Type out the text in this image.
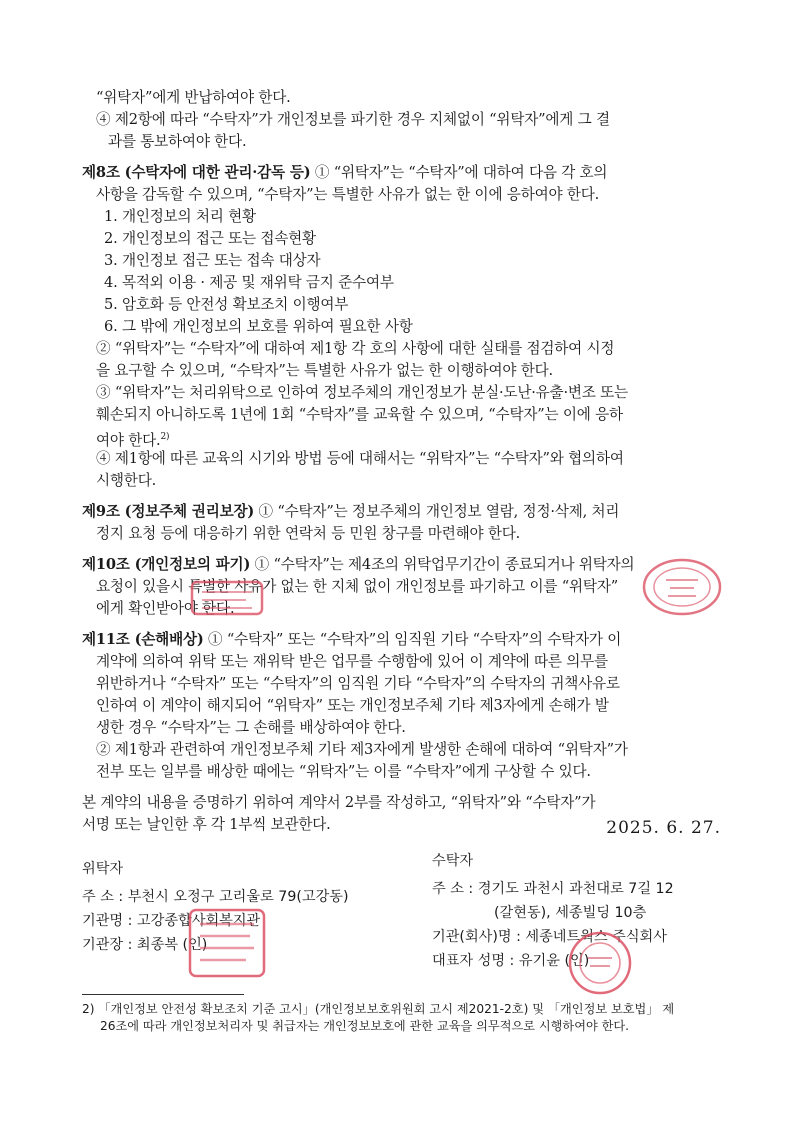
“위탁자”에게 반납하여야 한다.
④ 제2항에 따라 “수탁자”가 개인정보를 파기한 경우 지체없이 “위탁자”에게 그 결
과를 통보하여야 한다.
제8조 (수탁자에 대한 관리·감독 등) ① “위탁자”는 “수탁자”에 대하여 다음 각 호의
사항을 감독할 수 있으며, “수탁자”는 특별한 사유가 없는 한 이에 응하여야 한다.
1. 개인정보의 처리 현황
2. 개인정보의 접근 또는 접속현황
3. 개인정보 접근 또는 접속 대상자
4. 목적외 이용 · 제공 및 재위탁 금지 준수여부
5. 암호화 등 안전성 확보조치 이행여부
6. 그 밖에 개인정보의 보호를 위하여 필요한 사항
② “위탁자”는 “수탁자”에 대하여 제1항 각 호의 사항에 대한 실태를 점검하여 시정
을 요구할 수 있으며, “수탁자”는 특별한 사유가 없는 한 이행하여야 한다.
③ “위탁자”는 처리위탁으로 인하여 정보주체의 개인정보가 분실·도난·유출·변조 또는
훼손되지 아니하도록 1년에 1회 “수탁자”를 교육할 수 있으며, “수탁자”는 이에 응하
여야 한다.$^{2)}$
④ 제1항에 따른 교육의 시기와 방법 등에 대해서는 “위탁자”는 “수탁자”와 협의하여
시행한다.
제9조 (정보주체 권리보장) ① “수탁자”는 정보주체의 개인정보 열람, 정정·삭제, 처리
정지 요청 등에 대응하기 위한 연락처 등 민원 창구를 마련해야 한다.
제10조 (개인정보의 파기) ① “수탁자”는 제4조의 위탁업무기간이 종료되거나 위탁자의
요청이 있을시 특별한 사유가 없는 한 지체 없이 개인정보를 파기하고 이를 “위탁자”
에게 확인받아야 한다.
제11조 (손해배상) ① “수탁자” 또는 “수탁자”의 임직원 기타 “수탁자”의 수탁자가 이
계약에 의하여 위탁 또는 재위탁 받은 업무를 수행함에 있어 이 계약에 따른 의무를
위반하거나 “수탁자” 또는 “수탁자”의 임직원 기타 “수탁자”의 수탁자의 귀책사유로
인하여 이 계약이 해지되어 “위탁자” 또는 개인정보주체 기타 제3자에게 손해가 발
생한 경우 “수탁자”는 그 손해를 배상하여야 한다.
② 제1항과 관련하여 개인정보주체 기타 제3자에게 발생한 손해에 대하여 “위탁자”가
전부 또는 일부를 배상한 때에는 “위탁자”는 이를 “수탁자”에게 구상할 수 있다.
본 계약의 내용을 증명하기 위하여 계약서 2부를 작성하고, “위탁자”와 “수탁자”가
서명 또는 날인한 후 각 1부씩 보관한다.	2025. 6. 27.
위탁자
주 소 : 부천시 오정구 고리울로 79(고강동)
기관명 : 고강종합사회복지관
기관장 : 최종복 (인)
수탁자
주 소 : 경기도 과천시 과천대로 7길 12
(갈현동), 세종빌딩 10층
기관(회사)명 : 세종네트웍스 주식회사
대표자 성명 : 유기윤 (인)
2) 「개인정보 안전성 확보조치 기준 고시」(개인정보보호위원회 고시 제2021-2호) 및 「개인정보 보호법」 제
26조에 따라 개인정보처리자 및 취급자는 개인정보보호에 관한 교육을 의무적으로 시행하여야 한다.
